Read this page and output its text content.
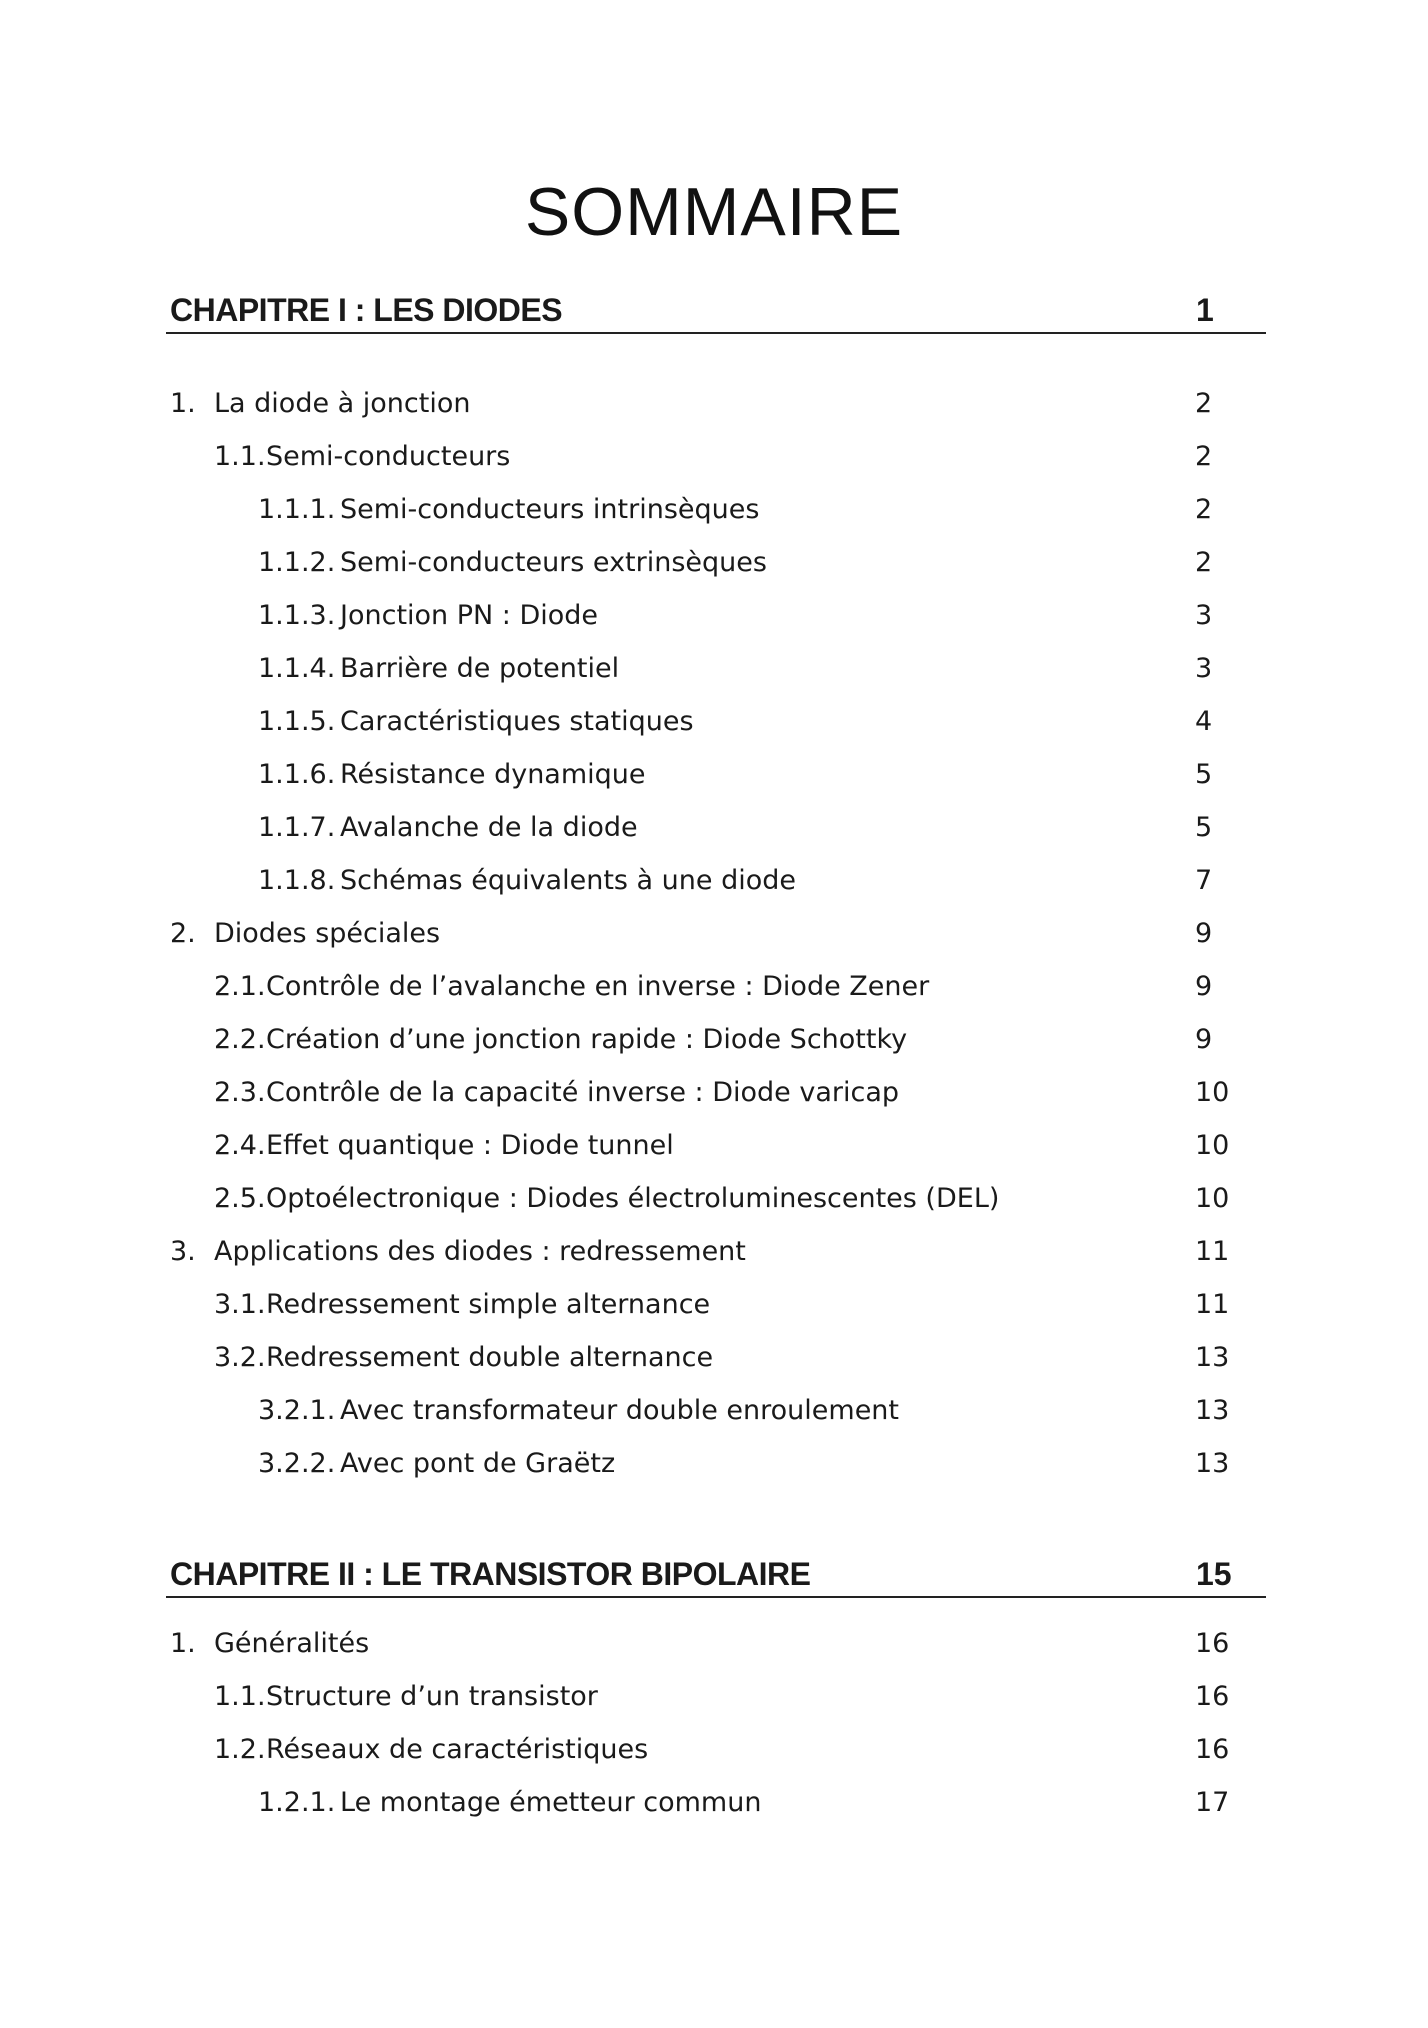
SOMMAIRE
CHAPITRE I : LES DIODES	1
1. La diode à jonction	2
1.1. Semi-conducteurs	2
1.1.1. Semi-conducteurs intrinsèques	2
1.1.2. Semi-conducteurs extrinsèques	2
1.1.3. Jonction PN : Diode	3
1.1.4. Barrière de potentiel	3
1.1.5. Caractéristiques statiques	4
1.1.6. Résistance dynamique	5
1.1.7. Avalanche de la diode	5
1.1.8. Schémas équivalents à une diode	7
2. Diodes spéciales	9
2.1. Contrôle de l’avalanche en inverse : Diode Zener	9
2.2. Création d’une jonction rapide : Diode Schottky	9
2.3. Contrôle de la capacité inverse : Diode varicap	10
2.4. Effet quantique : Diode tunnel	10
2.5. Optoélectronique : Diodes électroluminescentes (DEL)	10
3. Applications des diodes : redressement	11
3.1. Redressement simple alternance	11
3.2. Redressement double alternance	13
3.2.1. Avec transformateur double enroulement	13
3.2.2. Avec pont de Graëtz	13
CHAPITRE II : LE TRANSISTOR BIPOLAIRE	15
1. Généralités	16
1.1. Structure d’un transistor	16
1.2. Réseaux de caractéristiques	16
1.2.1. Le montage émetteur commun	17
